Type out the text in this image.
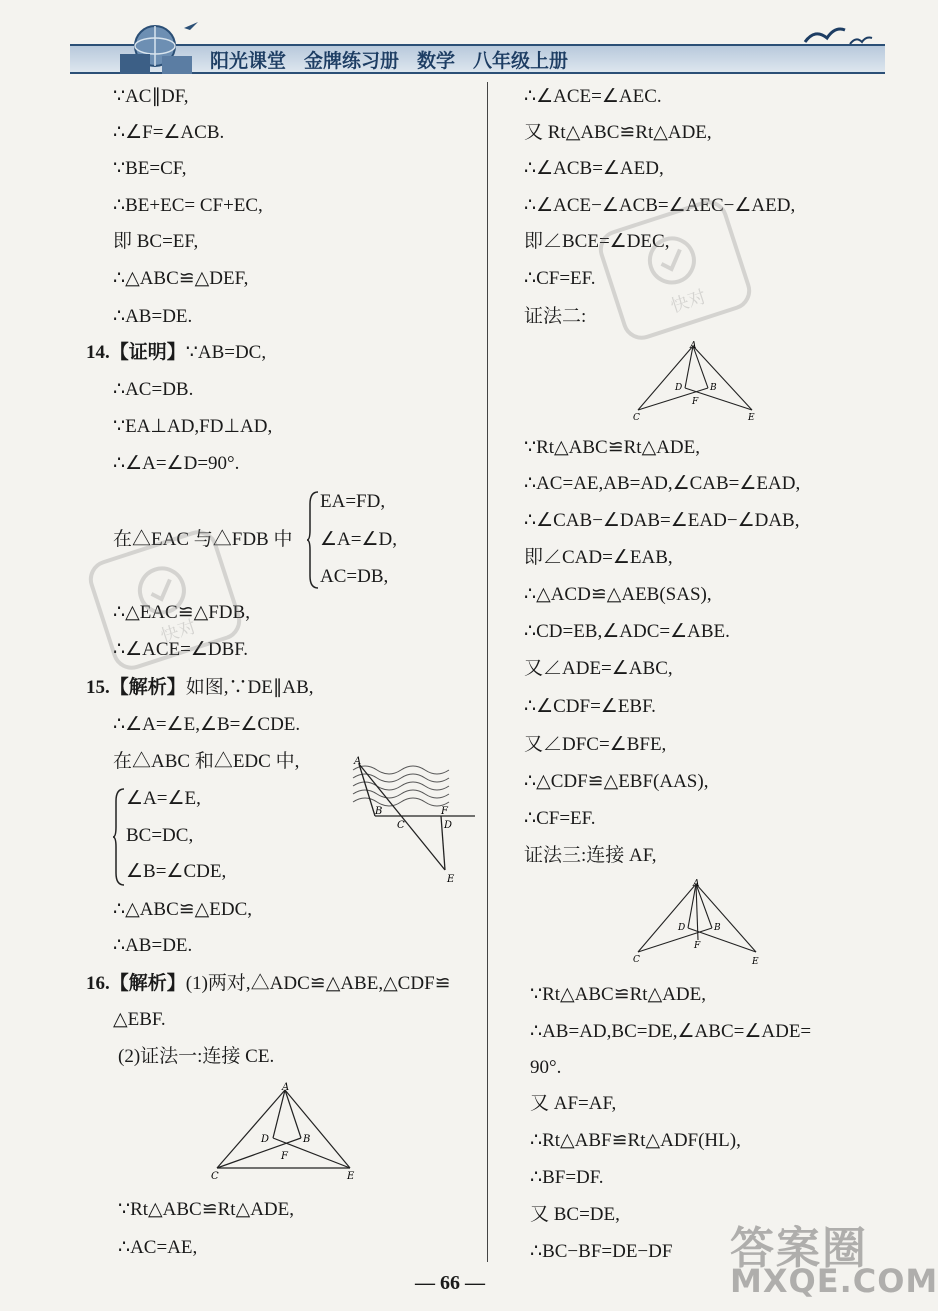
阳光课堂 金牌练习册 数学 八年级上册
∵AC∥DF,
∴∠F=∠ACB.
∵BE=CF,
∴BE+EC= CF+EC,
即 BC=EF,
∴△ABC≌△DEF,
∴AB=DE.
14.【证明】∵AB=DC,
∴AC=DB.
∵EA⊥AD,FD⊥AD,
∴∠A=∠D=90°.
在△EAC 与△FDB 中
EA=FD,
∠A=∠D,
AC=DB,
∴△EAC≌△FDB,
∴∠ACE=∠DBF.
15.【解析】如图,∵DE∥AB,
∴∠A=∠E,∠B=∠CDE.
在△ABC 和△EDC 中,
∠A=∠E,
BC=DC,
∠B=∠CDE,
∴△ABC≌△EDC,
∴AB=DE.
A
B
C
F
D
E
16.【解析】(1)两对,△ADC≌△ABE,△CDF≌
△EBF.
(2)证法一:连接 CE.
A
D	B
F
C	E
∵Rt△ABC≌Rt△ADE,
∴AC=AE,
∴∠ACE=∠AEC.
又 Rt△ABC≌Rt△ADE,
∴∠ACB=∠AED,
∴∠ACE−∠ACB=∠AEC−∠AED,
即∠BCE=∠DEC,
∴CF=EF.
证法二:
A
D	B
F
C	E
∵Rt△ABC≌Rt△ADE,
∴AC=AE,AB=AD,∠CAB=∠EAD,
∴∠CAB−∠DAB=∠EAD−∠DAB,
即∠CAD=∠EAB,
∴△ACD≌△AEB(SAS),
∴CD=EB,∠ADC=∠ABE.
又∠ADE=∠ABC,
∴∠CDF=∠EBF.
又∠DFC=∠BFE,
∴△CDF≌△EBF(AAS),
∴CF=EF.
证法三:连接 AF,
A
D	B
F
C	E
∵Rt△ABC≌Rt△ADE,
∴AB=AD,BC=DE,∠ABC=∠ADE=
90°.
又 AF=AF,
∴Rt△ABF≌Rt△ADF(HL),
∴BF=DF.
又 BC=DE,
∴BC−BF=DE−DF
快对
快对
答案圈
MXQE.COM
— 66 —
